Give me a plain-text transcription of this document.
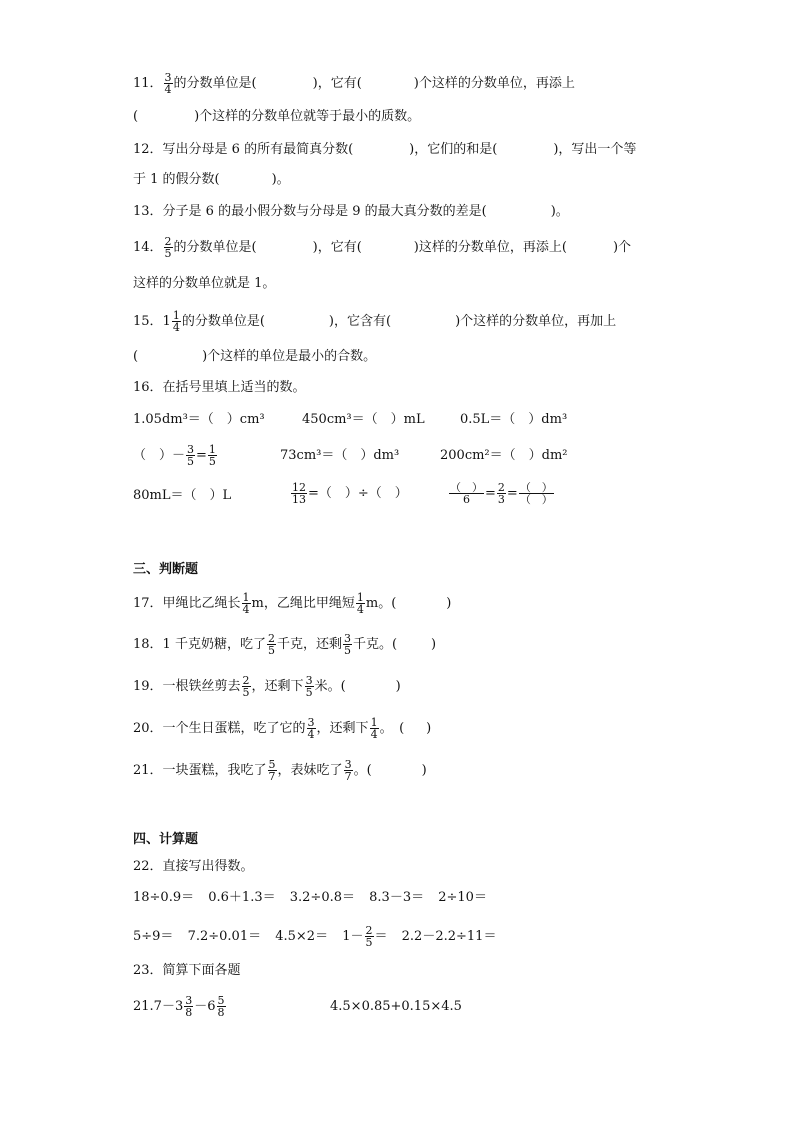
11． $\frac{3}{4}$ 的分数单位是(	)，它有(	)个这样的分数单位，再添上
(	)个这样的分数单位就等于最小的质数。
12．写出分母是 6 的所有最简真分数(	)，它们的和是(	)，写出一个等
于 1 的假分数(	)。
13．分子是 6 的最小假分数与分母是 9 的最大真分数的差是(	)。
14． $\frac{2}{5}$ 的分数单位是(	)，它有(	)这样的分数单位，再添上(	)个
这样的分数单位就是 1。
15．$1 \frac{1}{4}$ 的分数单位是(	)，它含有(	)个这样的分数单位，再加上
(	)个这样的单位是最小的合数。
16．在括号里填上适当的数。
1.05dm³＝（　）cm³	450cm³＝（　）mL	0.5L＝（　）dm³
（　）－ $\frac{3}{5} = \frac{1}{5}$	73cm³＝（　）dm³	200cm²＝（　）dm²
80mL＝（　）L	$\frac{12}{13}$ =（　）÷（　）	$\frac{( )}{6} = \frac{2}{3} = \frac{( )}{( )}$
三、判断题
17．甲绳比乙绳长 $\frac{1}{4}$ m，乙绳比甲绳短 $\frac{1}{4}$ m。(	)
18．1 千克奶糖，吃了 $\frac{2}{5}$ 千克，还剩 $\frac{3}{5}$ 千克。(	)
19．一根铁丝剪去 $\frac{2}{5}$ ，还剩下 $\frac{3}{5}$ 米。(	)
20．一个生日蛋糕，吃了它的 $\frac{3}{4}$ ，还剩下 $\frac{1}{4}$ 。　( )
21．一块蛋糕，我吃了 $\frac{5}{7}$ ，表妹吃了 $\frac{3}{7}$ 。(	)
四、计算题
22．直接写出得数。
18÷0.9＝ 0.6＋1.3＝ 3.2÷0.8＝ 8.3－3＝ 2÷10＝
$5\div 9= 7.2\div 0.01= 4.5\times 2= 1- \frac{2}{5} = 2.2-2.2\div 11=$
23．简算下面各题
$21.7-3 \frac{3}{8} -6 \frac{5}{8}$	4.5×0.85+0.15×4.5
